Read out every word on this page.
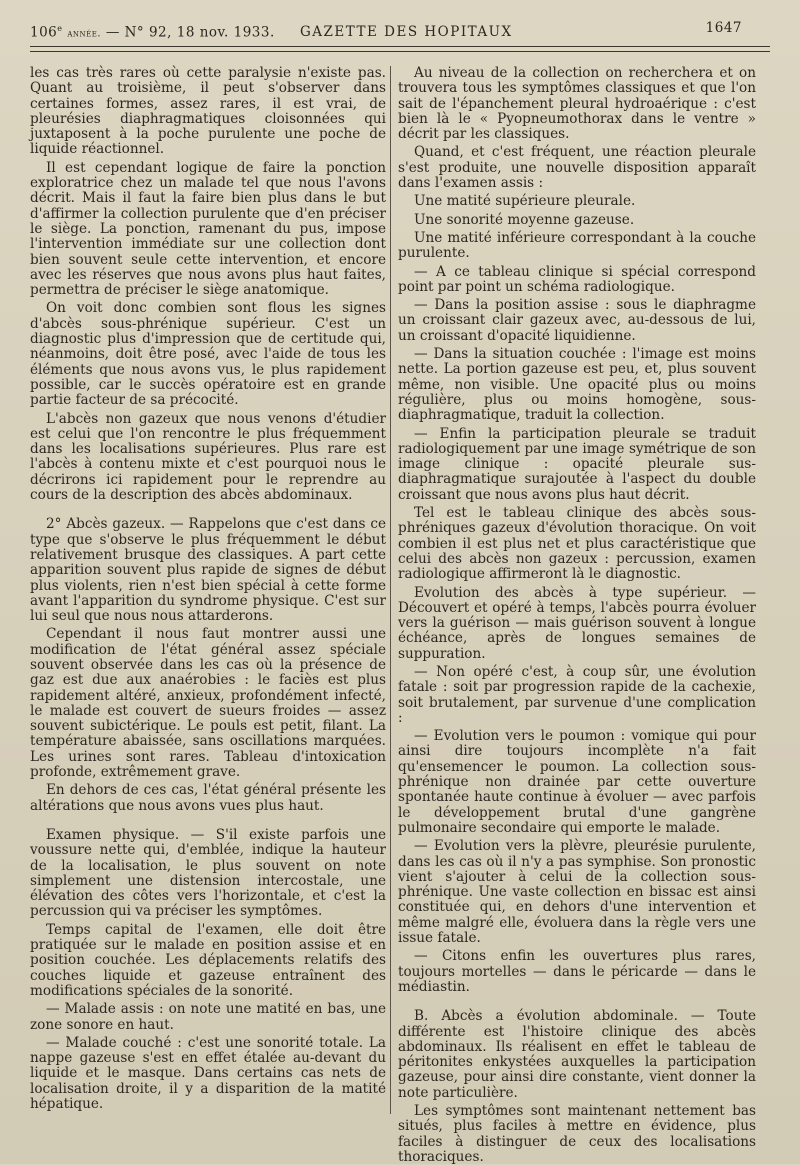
106e année. — N° 92, 18 nov. 1933. GAZETTE DES HOPITAUX	1647

les cas très rares où cette paralysie n'existe pas. Quant au troisième, il peut s'observer dans certaines formes, assez rares, il est vrai, de pleurésies diaphragmatiques cloisonnées qui juxtaposent à la poche purulente une poche de liquide réactionnel.

Il est cependant logique de faire la ponction exploratrice chez un malade tel que nous l'avons décrit. Mais il faut la faire bien plus dans le but d'affirmer la collection purulente que d'en préciser le siège. La ponction, ramenant du pus, impose l'intervention immédiate sur une collection dont bien souvent seule cette intervention, et encore avec les réserves que nous avons plus haut faites, permettra de préciser le siège anatomique.

On voit donc combien sont flous les signes d'abcès sous-phrénique supérieur. C'est un diagnostic plus d'impression que de certitude qui, néanmoins, doit être posé, avec l'aide de tous les éléments que nous avons vus, le plus rapidement possible, car le succès opératoire est en grande partie facteur de sa précocité.

L'abcès non gazeux que nous venons d'étudier est celui que l'on rencontre le plus fréquemment dans les localisations supérieures. Plus rare est l'abcès à contenu mixte et c'est pourquoi nous le décrirons ici rapidement pour le reprendre au cours de la description des abcès abdominaux.

2° Abcès gazeux. — Rappelons que c'est dans ce type que s'observe le plus fréquemment le début relativement brusque des classiques. A part cette apparition souvent plus rapide de signes de début plus violents, rien n'est bien spécial à cette forme avant l'apparition du syndrome physique. C'est sur lui seul que nous nous attarderons.

Cependant il nous faut montrer aussi une modification de l'état général assez spéciale souvent observée dans les cas où la présence de gaz est due aux anaérobies : le faciès est plus rapidement altéré, anxieux, profondément infecté, le malade est couvert de sueurs froides — assez souvent subictérique. Le pouls est petit, filant. La température abaissée, sans oscillations marquées. Les urines sont rares. Tableau d'intoxication profonde, extrêmement grave.

En dehors de ces cas, l'état général présente les altérations que nous avons vues plus haut.

Examen physique. — S'il existe parfois une voussure nette qui, d'emblée, indique la hauteur de la localisation, le plus souvent on note simplement une distension intercostale, une élévation des côtes vers l'horizontale, et c'est la percussion qui va préciser les symptômes.

Temps capital de l'examen, elle doit être pratiquée sur le malade en position assise et en position couchée. Les déplacements relatifs des couches liquide et gazeuse entraînent des modifications spéciales de la sonorité.

— Malade assis : on note une matité en bas, une zone sonore en haut.

— Malade couché : c'est une sonorité totale. La nappe gazeuse s'est en effet étalée au-devant du liquide et le masque. Dans certains cas nets de localisation droite, il y a disparition de la matité hépatique.

Au niveau de la collection on recherchera et on trouvera tous les symptômes classiques et que l'on sait de l'épanchement pleural hydroaérique : c'est bien là le « Pyopneumothorax dans le ventre » décrit par les classiques.

Quand, et c'est fréquent, une réaction pleurale s'est produite, une nouvelle disposition apparaît dans l'examen assis :

Une matité supérieure pleurale.

Une sonorité moyenne gazeuse.

Une matité inférieure correspondant à la couche purulente.

— A ce tableau clinique si spécial correspond point par point un schéma radiologique.

— Dans la position assise : sous le diaphragme un croissant clair gazeux avec, au-dessous de lui, un croissant d'opacité liquidienne.

— Dans la situation couchée : l'image est moins nette. La portion gazeuse est peu, et, plus souvent même, non visible. Une opacité plus ou moins régulière, plus ou moins homogène, sous-diaphragmatique, traduit la collection.

— Enfin la participation pleurale se traduit radiologiquement par une image symétrique de son image clinique : opacité pleurale sus-diaphragmatique surajoutée à l'aspect du double croissant que nous avons plus haut décrit.

Tel est le tableau clinique des abcès sous-phréniques gazeux d'évolution thoracique. On voit combien il est plus net et plus caractéristique que celui des abcès non gazeux : percussion, examen radiologique affirmeront là le diagnostic.

Evolution des abcès à type supérieur. — Découvert et opéré à temps, l'abcès pourra évoluer vers la guérison — mais guérison souvent à longue échéance, après de longues semaines de suppuration.

— Non opéré c'est, à coup sûr, une évolution fatale : soit par progression rapide de la cachexie, soit brutalement, par survenue d'une complication :

— Evolution vers le poumon : vomique qui pour ainsi dire toujours incomplète n'a fait qu'ensemencer le poumon. La collection sous-phrénique non drainée par cette ouverture spontanée haute continue à évoluer — avec parfois le développement brutal d'une gangrène pulmonaire secondaire qui emporte le malade.

— Evolution vers la plèvre, pleurésie purulente, dans les cas où il n'y a pas symphise. Son pronostic vient s'ajouter à celui de la collection sous-phrénique. Une vaste collection en bissac est ainsi constituée qui, en dehors d'une intervention et même malgré elle, évoluera dans la règle vers une issue fatale.

— Citons enfin les ouvertures plus rares, toujours mortelles — dans le péricarde — dans le médiastin.

B. Abcès a évolution abdominale. — Toute différente est l'histoire clinique des abcès abdominaux. Ils réalisent en effet le tableau de péritonites enkystées auxquelles la participation gazeuse, pour ainsi dire constante, vient donner la note particulière.

Les symptômes sont maintenant nettement bas situés, plus faciles à mettre en évidence, plus faciles à distinguer de ceux des localisations thoraciques.
